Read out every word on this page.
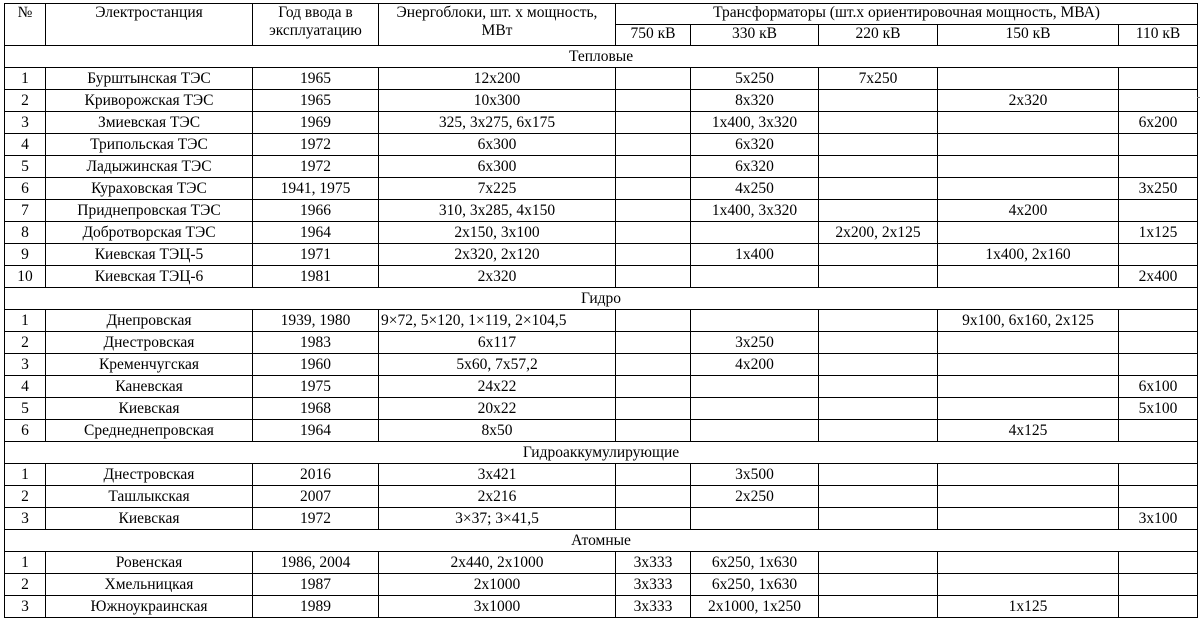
№	Электростанция	Год ввода в эксплуатацию	Энергоблоки, шт. х мощность, МВт	Трансформаторы (шт.х ориентировочная мощность, МВА)				
				750 кВ	330 кВ	220 кВ	150 кВ	110 кВ
Тепловые								
1	Бурштынская ТЭС	1965	12x200		5x250	7x250		
2	Криворожская ТЭС	1965	10x300		8x320		2x320	
3	Змиевская ТЭС	1969	325, 3x275, 6x175		1x400, 3x320			6x200
4	Трипольская ТЭС	1972	6x300		6x320			
5	Ладыжинская ТЭС	1972	6x300		6x320			
6	Кураховская ТЭС	1941, 1975	7x225		4x250			3x250
7	Приднепровская ТЭС	1966	310, 3x285, 4x150		1x400, 3x320		4x200	
8	Добротворская ТЭС	1964	2x150, 3x100			2x200, 2x125		1x125
9	Киевская ТЭЦ-5	1971	2x320, 2x120		1x400		1x400, 2x160	
10	Киевская ТЭЦ-6	1981	2x320					2x400
Гидро								
1	Днепровская	1939, 1980	9×72, 5×120, 1×119, 2×104,5				9x100, 6x160, 2x125	
2	Днестровская	1983	6x117		3x250			
3	Кременчугская	1960	5x60, 7x57,2		4x200			
4	Каневская	1975	24x22					6x100
5	Киевская	1968	20x22					5x100
6	Среднеднепровская	1964	8x50				4x125	
Гидроаккумулирующие								
1	Днестровская	2016	3x421		3x500			
2	Ташлыкская	2007	2x216		2x250			
3	Киевская	1972	3×37; 3×41,5					3x100
Атомные								
1	Ровенская	1986, 2004	2x440, 2x1000	3x333	6x250, 1x630			
2	Хмельницкая	1987	2x1000	3x333	6x250, 1x630			
3	Южноукраинская	1989	3x1000	3x333	2x1000, 1x250		1x125	
